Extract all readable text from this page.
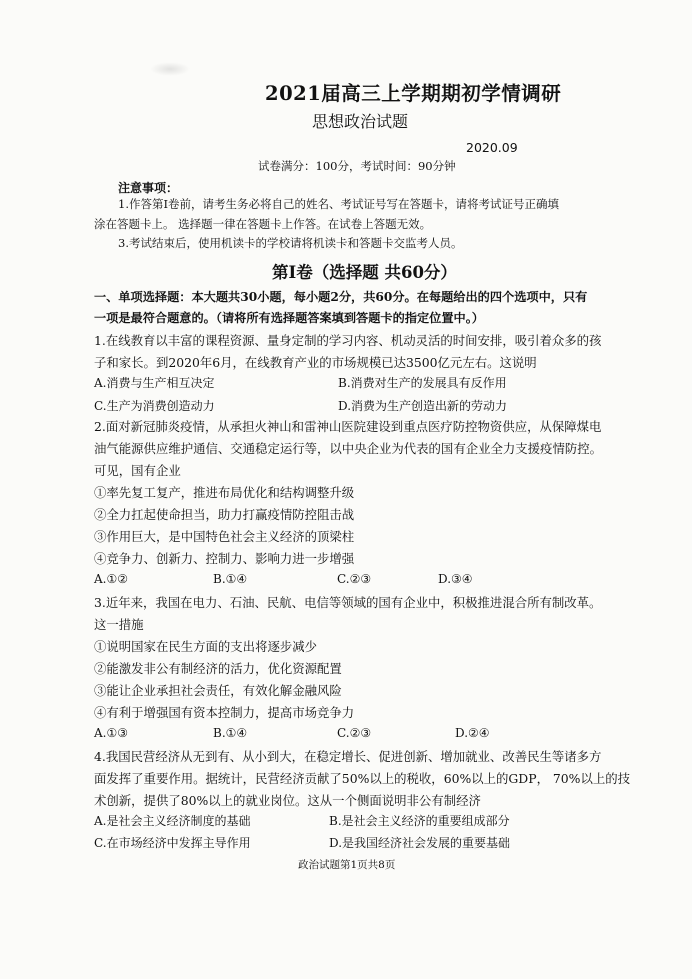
2021届高三上学期期初学情调研
思想政治试题
2020.09
试卷满分：100分，考试时间：90分钟
注意事项：
1.作答第Ⅰ卷前，请考生务必将自己的姓名、考试证号写在答题卡，请将考试证号正确填
涂在答题卡上。 选择题一律在答题卡上作答。在试卷上答题无效。
3.考试结束后，使用机读卡的学校请将机读卡和答题卡交监考人员。
第Ⅰ卷（选择题 共60分）
一、单项选择题：本大题共30小题，每小题2分，共60分。在每题给出的四个选项中，只有
一项是最符合题意的。（请将所有选择题答案填到答题卡的指定位置中。）
1.在线教育以丰富的课程资源、量身定制的学习内容、机动灵活的时间安排，吸引着众多的孩
子和家长。到2020年6月，在线教育产业的市场规模已达3500亿元左右。这说明
A.消费与生产相互决定	B.消费对生产的发展具有反作用
C.生产为消费创造动力	D.消费为生产创造出新的劳动力
2.面对新冠肺炎疫情，从承担火神山和雷神山医院建设到重点医疗防控物资供应，从保障煤电
油气能源供应维护通信、交通稳定运行等，以中央企业为代表的国有企业全力支援疫情防控。
可见，国有企业
①率先复工复产，推进布局优化和结构调整升级
②全力扛起使命担当，助力打赢疫情防控阻击战
③作用巨大，是中国特色社会主义经济的顶梁柱
④竞争力、创新力、控制力、影响力进一步增强
A.①②	B.①④	C.②③	D.③④
3.近年来，我国在电力、石油、民航、电信等领域的国有企业中，积极推进混合所有制改革。
这一措施
①说明国家在民生方面的支出将逐步减少
②能激发非公有制经济的活力，优化资源配置
③能让企业承担社会责任，有效化解金融风险
④有利于增强国有资本控制力，提高市场竞争力
A.①③	B.①④	C.②③	D.②④
4.我国民营经济从无到有、从小到大，在稳定增长、促进创新、增加就业、改善民生等诸多方
面发挥了重要作用。据统计，民营经济贡献了50%以上的税收，60%以上的GDP， 70%以上的技
术创新，提供了80%以上的就业岗位。这从一个侧面说明非公有制经济
A.是社会主义经济制度的基础	B.是社会主义经济的重要组成部分
C.在市场经济中发挥主导作用	D.是我国经济社会发展的重要基础
政治试题第1页共8页
